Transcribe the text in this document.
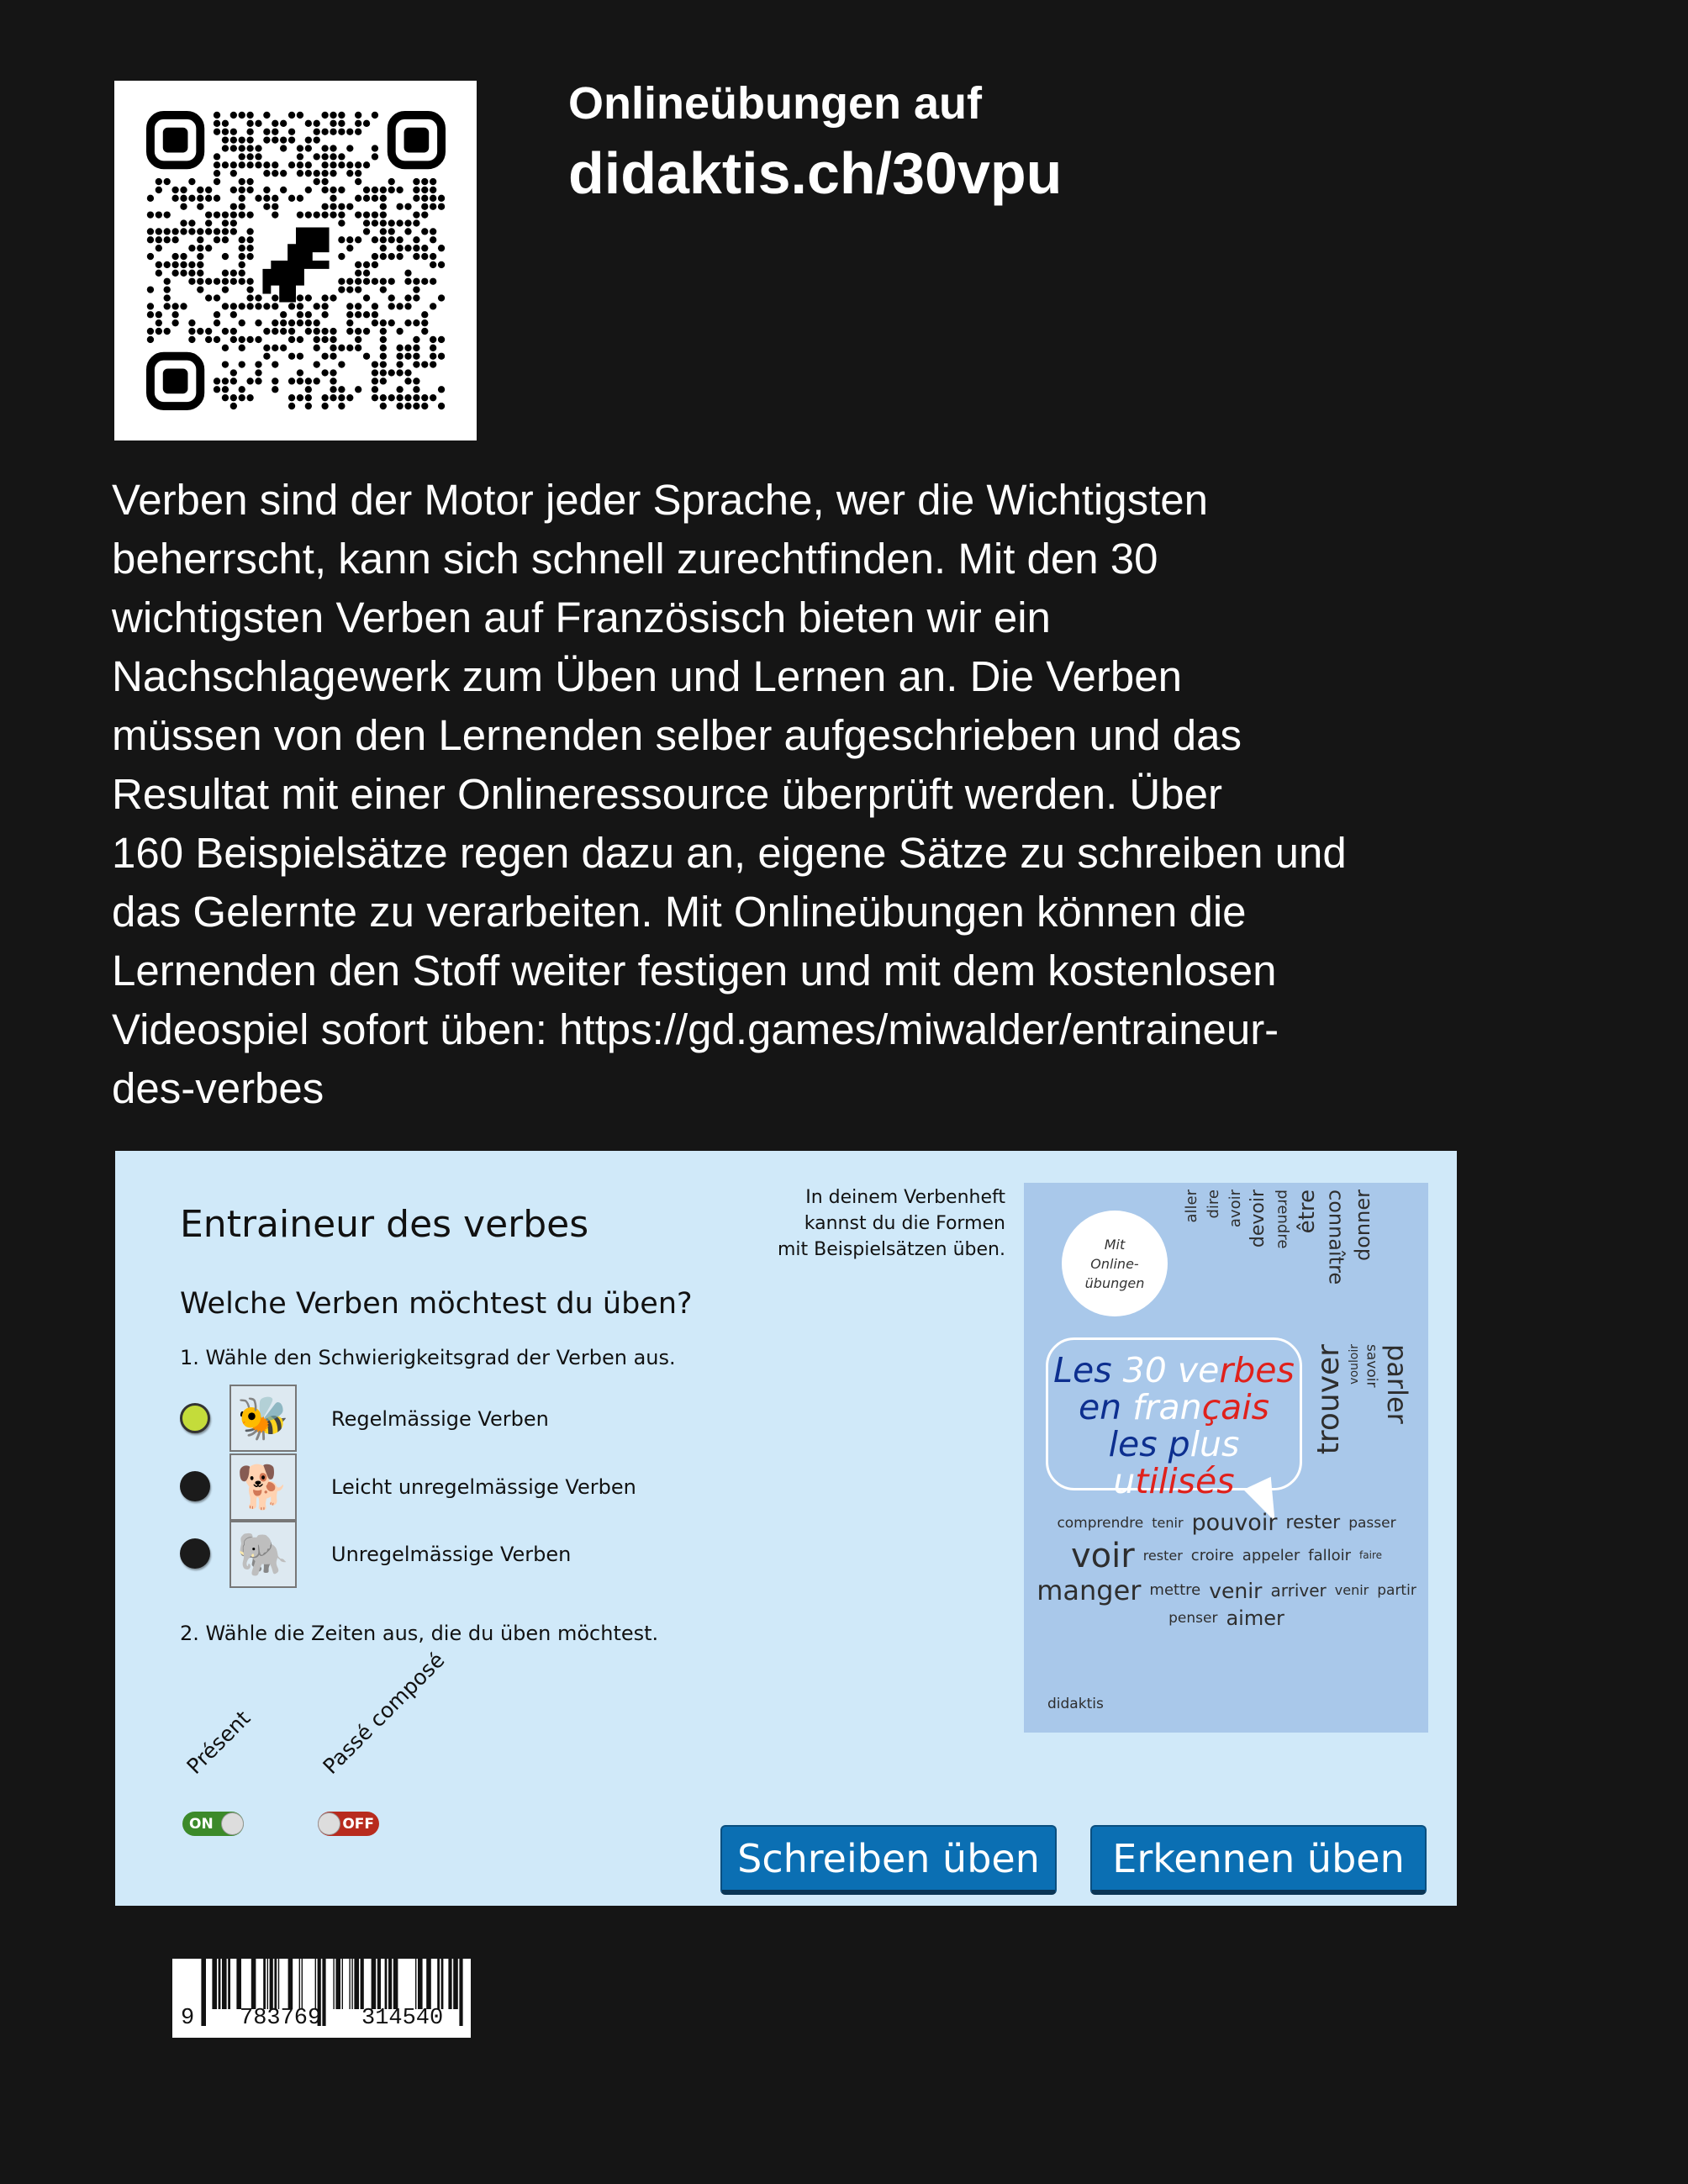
Onlineübungen auf
didaktis.ch/30vpu
Verben sind der Motor jeder Sprache, wer die Wichtigsten
beherrscht, kann sich schnell zurechtfinden. Mit den 30
wichtigsten Verben auf Französisch bieten wir ein
Nachschlagewerk zum Üben und Lernen an. Die Verben
müssen von den Lernenden selber aufgeschrieben und das
Resultat mit einer Onlineressource überprüft werden. Über
160 Beispielsätze regen dazu an, eigene Sätze zu schreiben und
das Gelernte zu verarbeiten. Mit Onlineübungen können die
Lernenden den Stoff weiter festigen und mit dem kostenlosen
Videospiel sofort üben: https://gd.games/miwalder/entraineur-
des-verbes
Entraineur des verbes
Welche Verben möchtest du üben?
1. Wähle den Schwierigkeitsgrad der Verben aus.
🐝	Regelmässige Verben
🐕	Leicht unregelmässige Verben
🐘	Unregelmässige Verben
2. Wähle die Zeiten aus, die du üben möchtest.
Présent	Passé composé
ON	OFF
Schreiben üben	Erkennen üben
In deinem Verbenheft
kannst du die Formen
mit Beispielsätzen üben.	Mit
Online-
übungen
Les 30 verbes
en français
les plus utilisés
aller dire avoir devoir prendre être connaître donner
trouver vouloir savoir parler
comprendre tenir pouvoir rester passer
voir rester croire appeler falloir faire
manger mettre venir arriver venir partir
penser aimer
didaktis
9 783769 314540
